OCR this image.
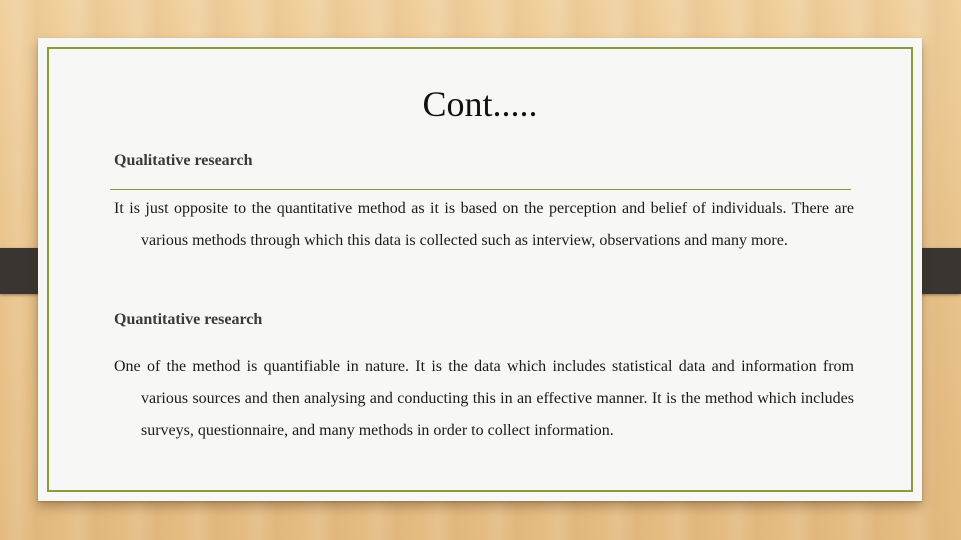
Cont.....
Qualitative research
It is just opposite to the quantitative method as it is based on the perception and belief of individuals. There are various methods through which this data is collected such as interview, observations and many more.
Quantitative research
One of the method is quantifiable in nature. It is the data which includes statistical data and information from various sources and then analysing and conducting this in an effective manner. It is the method which includes surveys, questionnaire, and many methods in order to collect information.
